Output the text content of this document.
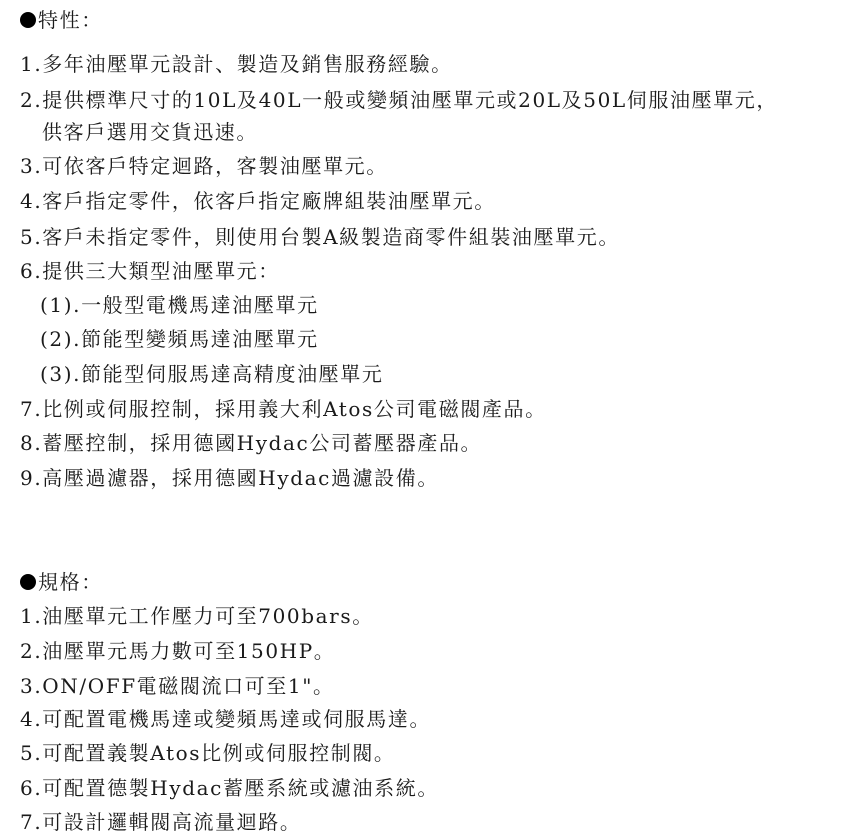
特性：
1.多年油壓單元設計、製造及銷售服務經驗。
2.提供標準尺寸的10L及40L一般或變頻油壓單元或20L及50L伺服油壓單元，
供客戶選用交貨迅速。
3.可依客戶特定迴路，客製油壓單元。
4.客戶指定零件，依客戶指定廠牌組裝油壓單元。
5.客戶未指定零件，則使用台製A級製造商零件組裝油壓單元。
6.提供三大類型油壓單元：
(1).一般型電機馬達油壓單元
(2).節能型變頻馬達油壓單元
(3).節能型伺服馬達高精度油壓單元
7.比例或伺服控制，採用義大利Atos公司電磁閥產品。
8.蓄壓控制，採用德國Hydac公司蓄壓器產品。
9.高壓過濾器，採用德國Hydac過濾設備。
規格：
1.油壓單元工作壓力可至700bars。
2.油壓單元馬力數可至150HP。
3.ON/OFF電磁閥流口可至1"。
4.可配置電機馬達或變頻馬達或伺服馬達。
5.可配置義製Atos比例或伺服控制閥。
6.可配置德製Hydac蓄壓系統或濾油系統。
7.可設計邏輯閥高流量迴路。
